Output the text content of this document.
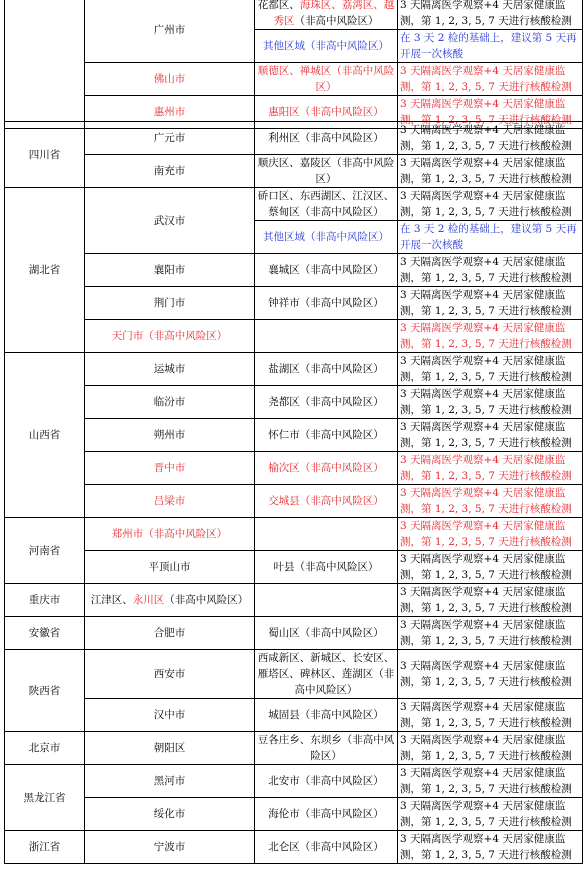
	广州市	花都区、海珠区、荔湾区、越秀区（非高中风险区）	3 天隔离医学观察+4 天居家健康监测，第 1, 2, 3, 5, 7 天进行核酸检测
		其他区域（非高中风险区）	在 3 天 2 检的基础上，建议第 5 天再开展一次核酸
	佛山市	顺德区、禅城区（非高中风险区）	3 天隔离医学观察+4 天居家健康监测，第 1, 2, 3, 5, 7 天进行核酸检测
	惠州市	惠阳区（非高中风险区）	3 天隔离医学观察+4 天居家健康监测，第 1, 2, 3, 5, 7 天进行核酸检测
四川省	广元市	利州区（非高中风险区）	3 天隔离医学观察+4 天居家健康监测，第 1, 2, 3, 5, 7 天进行核酸检测
	南充市	顺庆区、嘉陵区（非高中风险区）	3 天隔离医学观察+4 天居家健康监测，第 1, 2, 3, 5, 7 天进行核酸检测
湖北省	武汉市	硚口区、东西湖区、江汉区、蔡甸区（非高中风险区）	3 天隔离医学观察+4 天居家健康监测，第 1, 2, 3, 5, 7 天进行核酸检测
		其他区域（非高中风险区）	在 3 天 2 检的基础上，建议第 5 天再开展一次核酸
	襄阳市	襄城区（非高中风险区）	3 天隔离医学观察+4 天居家健康监测，第 1, 2, 3, 5, 7 天进行核酸检测
	荆门市	钟祥市（非高中风险区）	3 天隔离医学观察+4 天居家健康监测，第 1, 2, 3, 5, 7 天进行核酸检测
	天门市（非高中风险区）		3 天隔离医学观察+4 天居家健康监测，第 1, 2, 3, 5, 7 天进行核酸检测
山西省	运城市	盐湖区（非高中风险区）	3 天隔离医学观察+4 天居家健康监测，第 1, 2, 3, 5, 7 天进行核酸检测
	临汾市	尧都区（非高中风险区）	3 天隔离医学观察+4 天居家健康监测，第 1, 2, 3, 5, 7 天进行核酸检测
	朔州市	怀仁市（非高中风险区）	3 天隔离医学观察+4 天居家健康监测，第 1, 2, 3, 5, 7 天进行核酸检测
	晋中市	榆次区（非高中风险区）	3 天隔离医学观察+4 天居家健康监测，第 1, 2, 3, 5, 7 天进行核酸检测
	吕梁市	交城县（非高中风险区）	3 天隔离医学观察+4 天居家健康监测，第 1, 2, 3, 5, 7 天进行核酸检测
河南省	郑州市（非高中风险区）		3 天隔离医学观察+4 天居家健康监测，第 1, 2, 3, 5, 7 天进行核酸检测
	平顶山市	叶县（非高中风险区）	3 天隔离医学观察+4 天居家健康监测，第 1, 2, 3, 5, 7 天进行核酸检测
重庆市	江津区、永川区（非高中风险区）		3 天隔离医学观察+4 天居家健康监测，第 1, 2, 3, 5, 7 天进行核酸检测
安徽省	合肥市	蜀山区（非高中风险区）	3 天隔离医学观察+4 天居家健康监测，第 1, 2, 3, 5, 7 天进行核酸检测
陕西省	西安市	西咸新区、新城区、长安区、雁塔区、碑林区、莲湖区（非高中风险区）	3 天隔离医学观察+4 天居家健康监测，第 1, 2, 3, 5, 7 天进行核酸检测
	汉中市	城固县（非高中风险区）	3 天隔离医学观察+4 天居家健康监测，第 1, 2, 3, 5, 7 天进行核酸检测
北京市	朝阳区	豆各庄乡、东坝乡（非高中风险区）	3 天隔离医学观察+4 天居家健康监测，第 1, 2, 3, 5, 7 天进行核酸检测
黑龙江省	黑河市	北安市（非高中风险区）	3 天隔离医学观察+4 天居家健康监测，第 1, 2, 3, 5, 7 天进行核酸检测
	绥化市	海伦市（非高中风险区）	3 天隔离医学观察+4 天居家健康监测，第 1, 2, 3, 5, 7 天进行核酸检测
浙江省	宁波市	北仑区（非高中风险区）	3 天隔离医学观察+4 天居家健康监测，第 1, 2, 3, 5, 7 天进行核酸检测
